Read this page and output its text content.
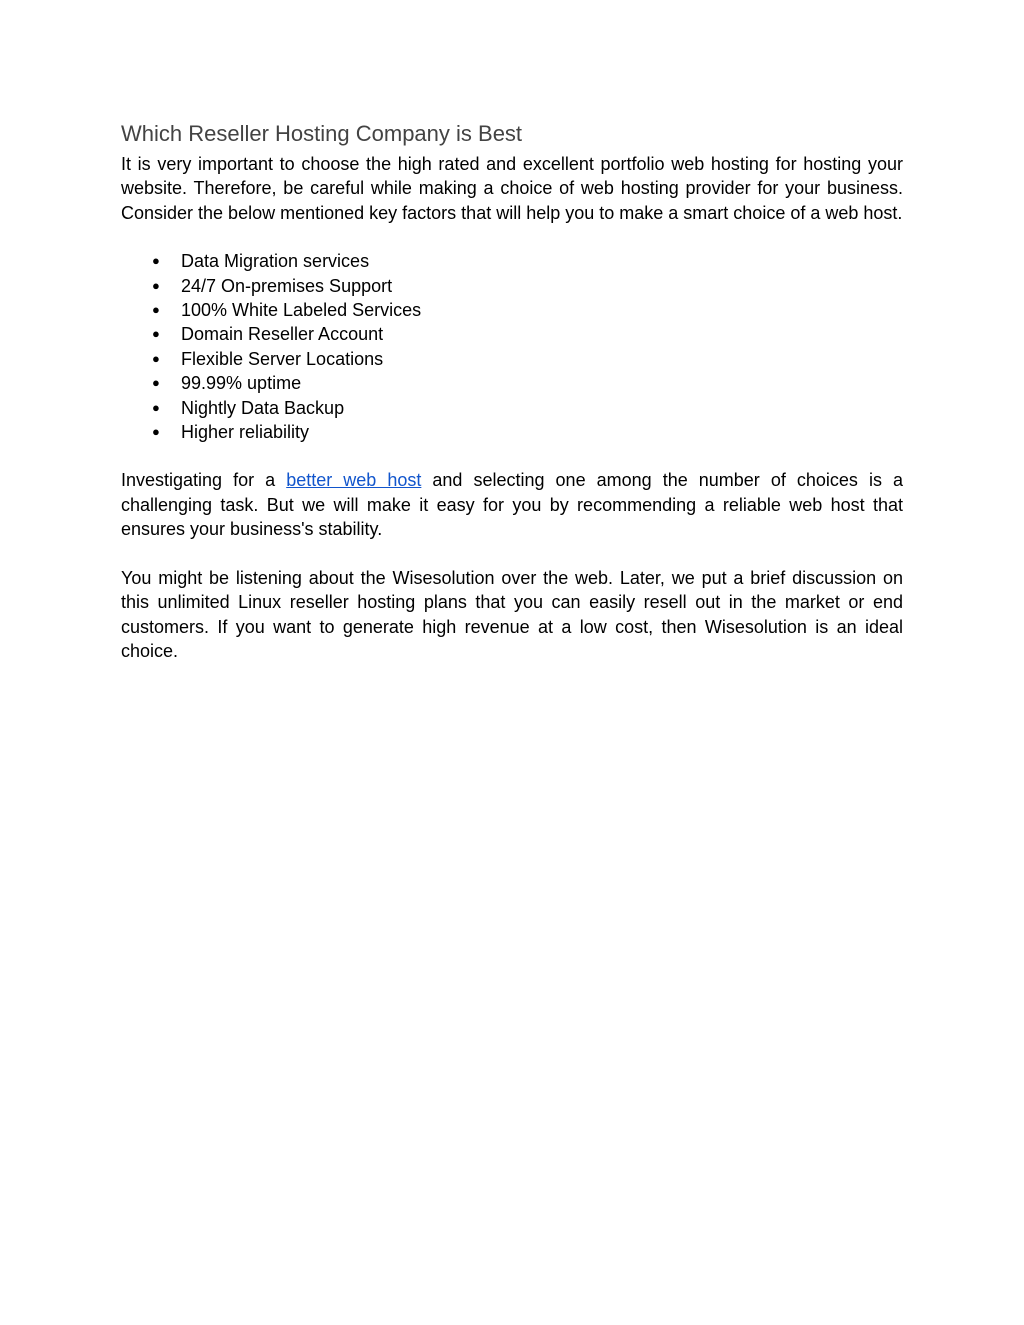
Which Reseller Hosting Company is Best

It is very important to choose the high rated and excellent portfolio web hosting for hosting your website. Therefore, be careful while making a choice of web hosting provider for your business. Consider the below mentioned key factors that will help you to make a smart choice of a web host.

● Data Migration services
● 24/7 On-premises Support
● 100% White Labeled Services
● Domain Reseller Account
● Flexible Server Locations
● 99.99% uptime
● Nightly Data Backup
● Higher reliability

Investigating for a better web host and selecting one among the number of choices is a challenging task. But we will make it easy for you by recommending a reliable web host that ensures your business's stability.

You might be listening about the Wisesolution over the web. Later, we put a brief discussion on this unlimited Linux reseller hosting plans that you can easily resell out in the market or end customers. If you want to generate high revenue at a low cost, then Wisesolution is an ideal choice.
